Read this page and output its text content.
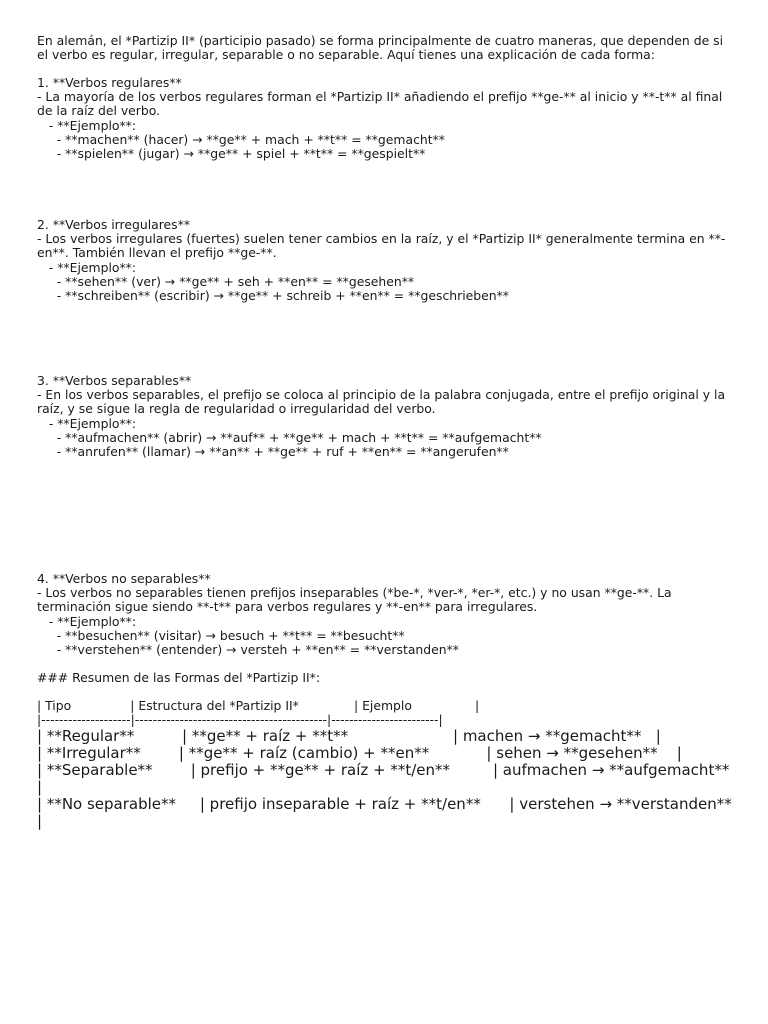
En alemán, el *Partizip II* (participio pasado) se forma principalmente de cuatro maneras, que dependen de si el verbo es regular, irregular, separable o no separable. Aquí tienes una explicación de cada forma:
1. **Verbos regulares**
- La mayoría de los verbos regulares forman el *Partizip II* añadiendo el prefijo **ge-** al inicio y **-t** al final de la raíz del verbo.
- **Ejemplo**:
- **machen** (hacer) → **ge** + mach + **t** = **gemacht**
- **spielen** (jugar) → **ge** + spiel + **t** = **gespielt**
2. **Verbos irregulares**
- Los verbos irregulares (fuertes) suelen tener cambios en la raíz, y el *Partizip II* generalmente termina en **-en**. También llevan el prefijo **ge-**.
- **Ejemplo**:
- **sehen** (ver) → **ge** + seh + **en** = **gesehen**
- **schreiben** (escribir) → **ge** + schreib + **en** = **geschrieben**
3. **Verbos separables**
- En los verbos separables, el prefijo se coloca al principio de la palabra conjugada, entre el prefijo original y la raíz, y se sigue la regla de regularidad o irregularidad del verbo.
- **Ejemplo**:
- **aufmachen** (abrir) → **auf** + **ge** + mach + **t** = **aufgemacht**
- **anrufen** (llamar) → **an** + **ge** + ruf + **en** = **angerufen**
4. **Verbos no separables**
- Los verbos no separables tienen prefijos inseparables (*be-*, *ver-*, *er-*, etc.) y no usan **ge-**. La terminación sigue siendo **-t** para verbos regulares y **-en** para irregulares.
- **Ejemplo**:
- **besuchen** (visitar) → besuch + **t** = **besucht**
- **verstehen** (entender) → versteh + **en** = **verstanden**
### Resumen de las Formas del *Partizip II*:
| Tipo               | Estructura del *Partizip II*              | Ejemplo                |
|--------------------|-------------------------------------------|------------------------|
| **Regular**          | **ge** + raíz + **t**                      | machen → **gemacht**   |
| **Irregular**        | **ge** + raíz (cambio) + **en**            | sehen → **gesehen**    |
| **Separable**        | prefijo + **ge** + raíz + **t/en**         | aufmachen → **aufgemacht** |
| **No separable**     | prefijo inseparable + raíz + **t/en**      | verstehen → **verstanden** |
